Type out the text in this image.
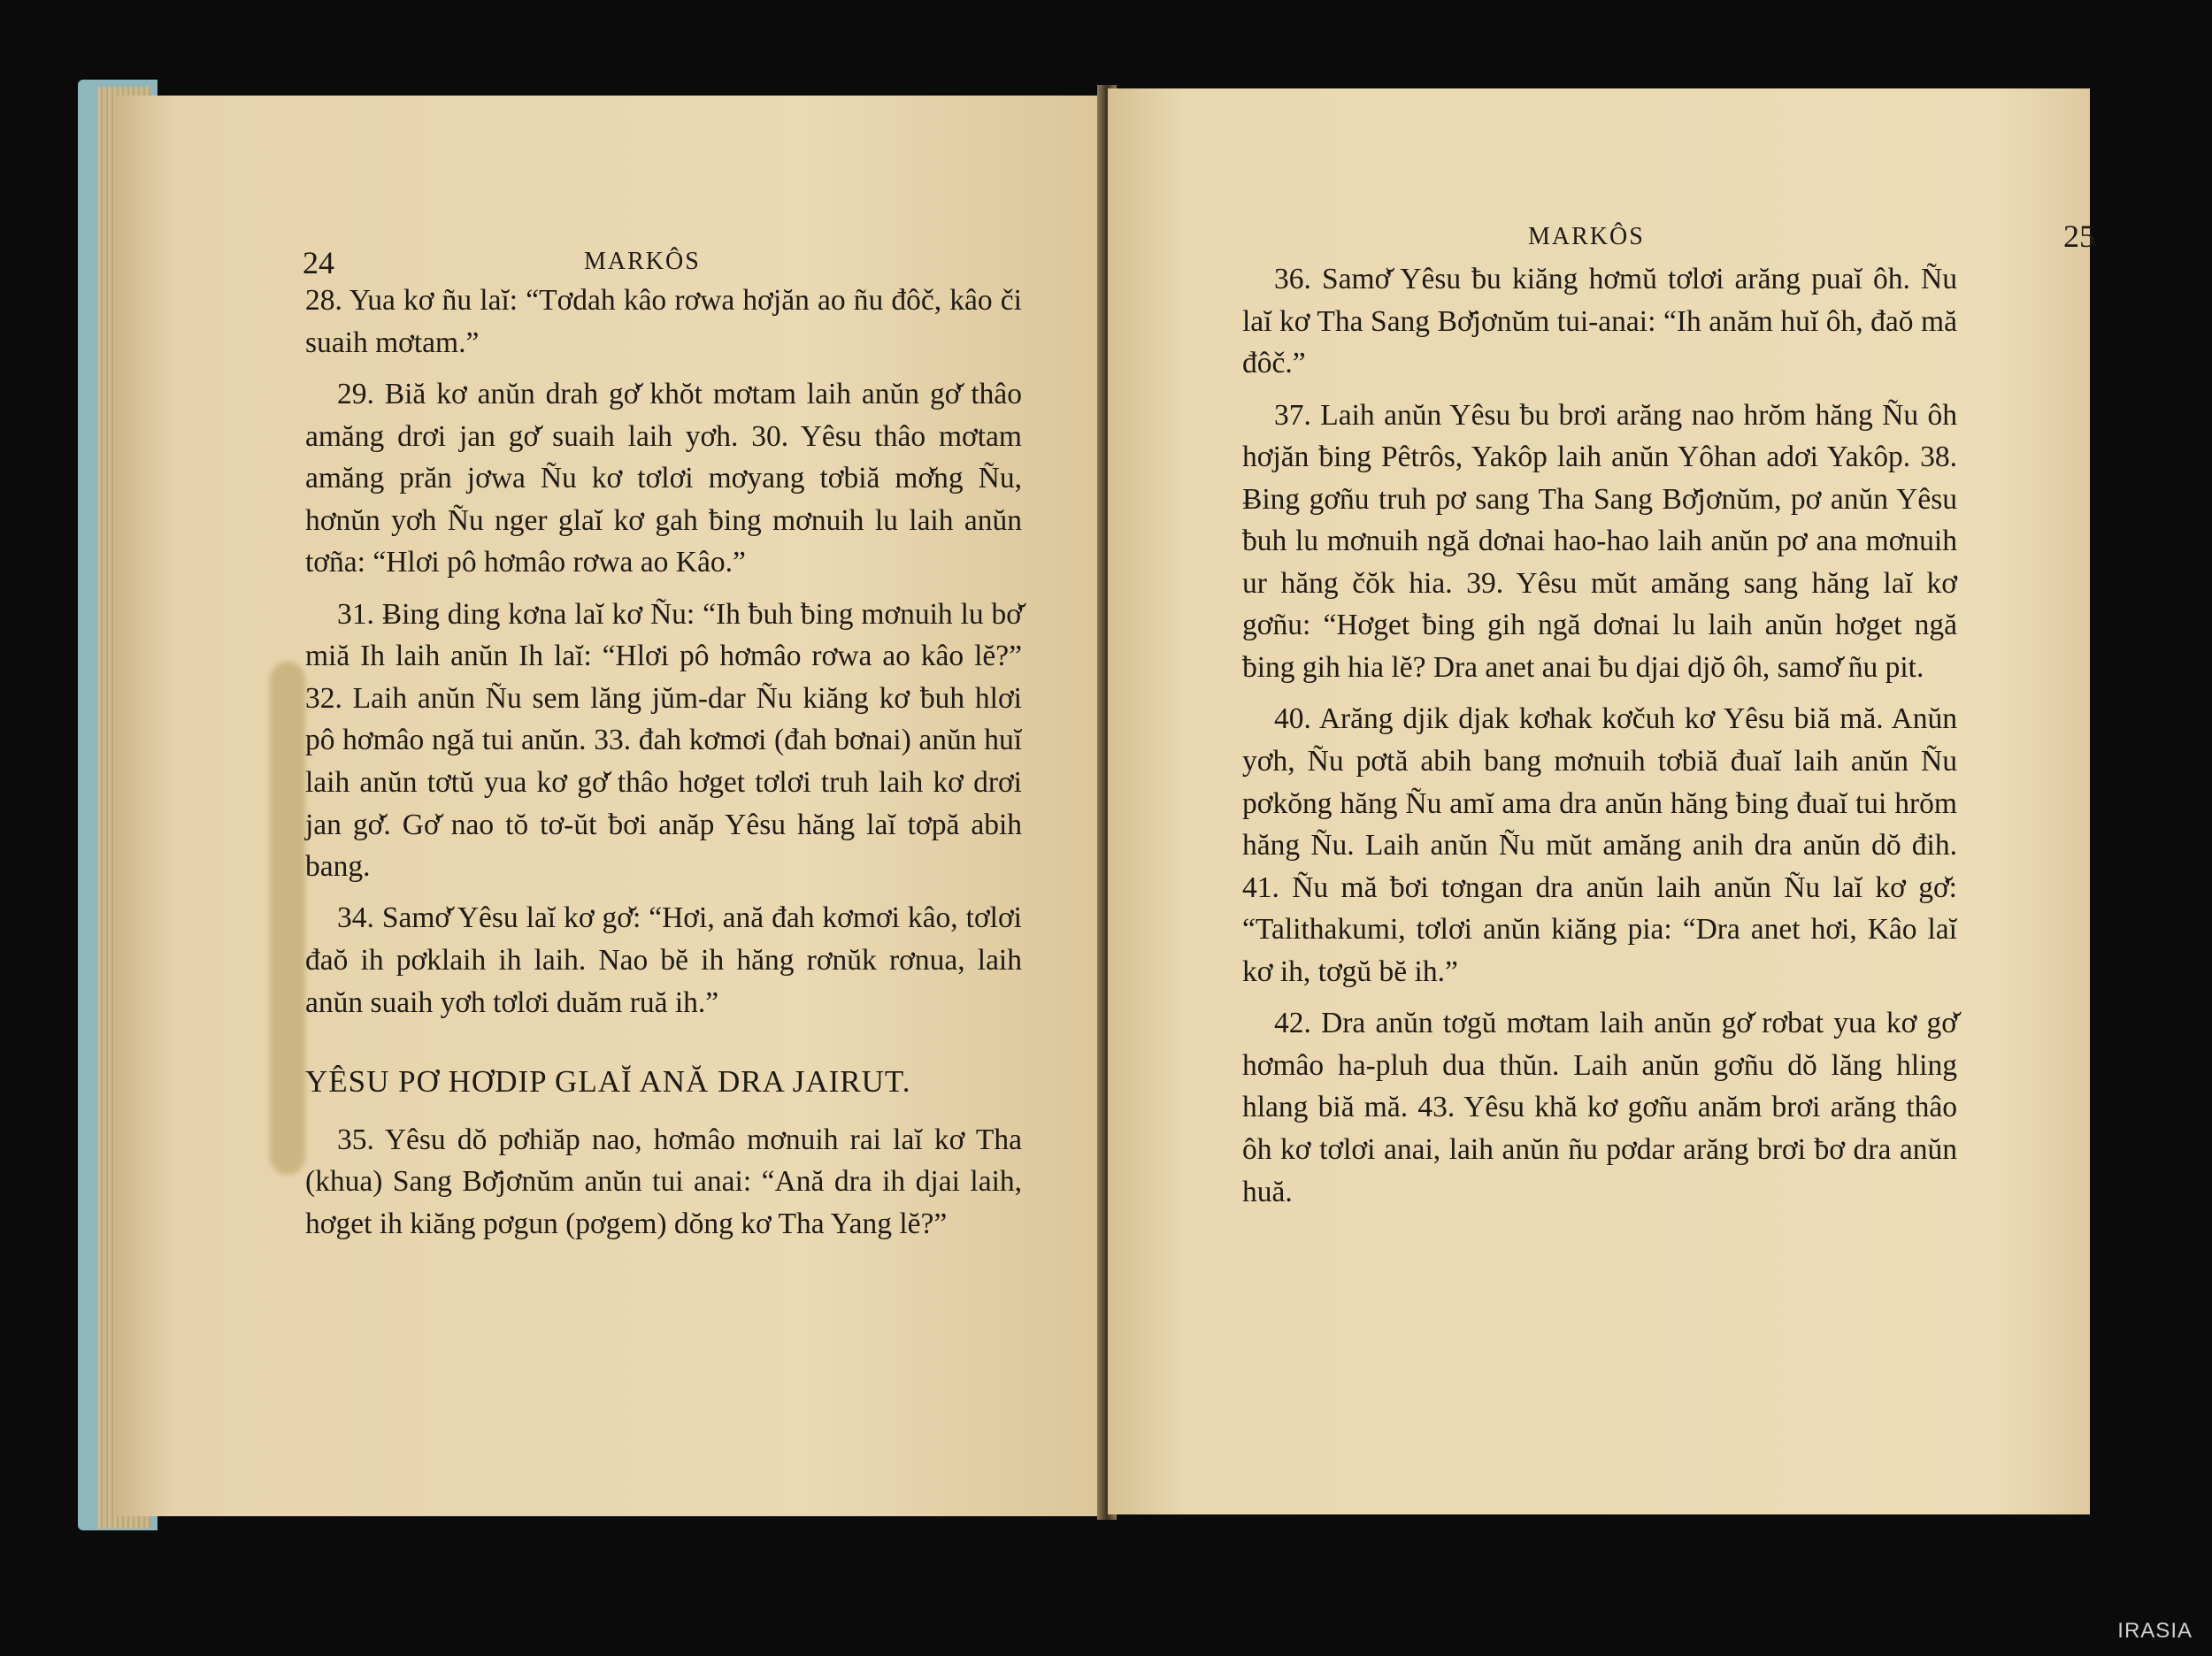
24	MARKÔS

28. Yua kơ ñu laĭ: “Tơdah kâo rơwa hơjăn ao ñu đôč, kâo či suaih mơtam.”

29. Biă kơ anŭn drah gơ̆ khŏt mơtam laih anŭn gơ̆ thâo amăng drơi jan gơ̆ suaih laih yơh. 30. Yêsu thâo mơtam amăng prăn jơwa Ñu kơ tơlơi mơyang tơbiă mơ̆ng Ñu, hơnŭn yơh Ñu nger glaĭ kơ gah ƀing mơnuih lu laih anŭn tơña: “Hlơi pô hơmâo rơwa ao Kâo.”

31. Ƀing ding kơna laĭ kơ Ñu: “Ih ƀuh ƀing mơnuih lu bơ̆ miă Ih laih anŭn Ih laĭ: “Hlơi pô hơmâo rơwa ao kâo lĕ?” 32. Laih anŭn Ñu sem lăng jŭm-dar Ñu kiăng kơ ƀuh hlơi pô hơmâo ngă tui anŭn. 33. đah kơmơi (đah bơnai) anŭn huĭ laih anŭn tơtŭ yua kơ gơ̆ thâo hơget tơlơi truh laih kơ drơi jan gơ̆. Gơ̆ nao tŏ tơ-ŭt ƀơi anăp Yêsu hăng laĭ tơpă abih bang.

34. Samơ̆ Yêsu laĭ kơ gơ̆: “Hơi, ană đah kơmơi kâo, tơlơi đaŏ ih pơklaih ih laih. Nao bĕ ih hăng rơnŭk rơnua, laih anŭn suaih yơh tơlơi duăm ruă ih.”

YÊSU PƠ HƠDIP GLAĬ ANĂ DRA JAIRUT.

35. Yêsu dŏ pơhiăp nao, hơmâo mơnuih rai laĭ kơ Tha (khua) Sang Bơ̆jơnŭm anŭn tui anai: “Ană dra ih djai laih, hơget ih kiăng pơgun (pơgem) dŏng kơ Tha Yang lĕ?”

MARKÔS	25

36. Samơ̆ Yêsu ƀu kiăng hơmŭ tơlơi arăng puaĭ ôh. Ñu laĭ kơ Tha Sang Bơ̆jơnŭm tui-anai: “Ih anăm huĭ ôh, đaŏ mă đôč.”

37. Laih anŭn Yêsu ƀu brơi arăng nao hrŏm hăng Ñu ôh hơjăn ƀing Pêtrôs, Yakôp laih anŭn Yôhan adơi Yakôp. 38. Ƀing gơñu truh pơ sang Tha Sang Bơ̆jơnŭm, pơ anŭn Yêsu ƀuh lu mơnuih ngă dơnai hao-hao laih anŭn pơ ana mơnuih ur hăng čŏk hia. 39. Yêsu mŭt amăng sang hăng laĭ kơ gơñu: “Hơget ƀing gih ngă dơnai lu laih anŭn hơget ngă ƀing gih hia lĕ? Dra anet anai ƀu djai djŏ ôh, samơ̆ ñu pit.

40. Arăng djik djak kơhak kơčuh kơ Yêsu biă mă. Anŭn yơh, Ñu pơtă abih bang mơnuih tơbiă đuaĭ laih anŭn Ñu pơkŏng hăng Ñu amĭ ama dra anŭn hăng ƀing đuaĭ tui hrŏm hăng Ñu. Laih anŭn Ñu mŭt amăng anih dra anŭn dŏ đih. 41. Ñu mă ƀơi tơngan dra anŭn laih anŭn Ñu laĭ kơ gơ̆: “Talithakumi, tơlơi anŭn kiăng pia: “Dra anet hơi, Kâo laĭ kơ ih, tơgŭ bĕ ih.”

42. Dra anŭn tơgŭ mơtam laih anŭn gơ̆ rơbat yua kơ gơ̆ hơmâo ha-pluh dua thŭn. Laih anŭn gơñu dŏ lăng hling hlang biă mă. 43. Yêsu khă kơ gơñu anăm brơi arăng thâo ôh kơ tơlơi anai, laih anŭn ñu pơdar arăng brơi ƀơ dra anŭn huă.

IRASIA
